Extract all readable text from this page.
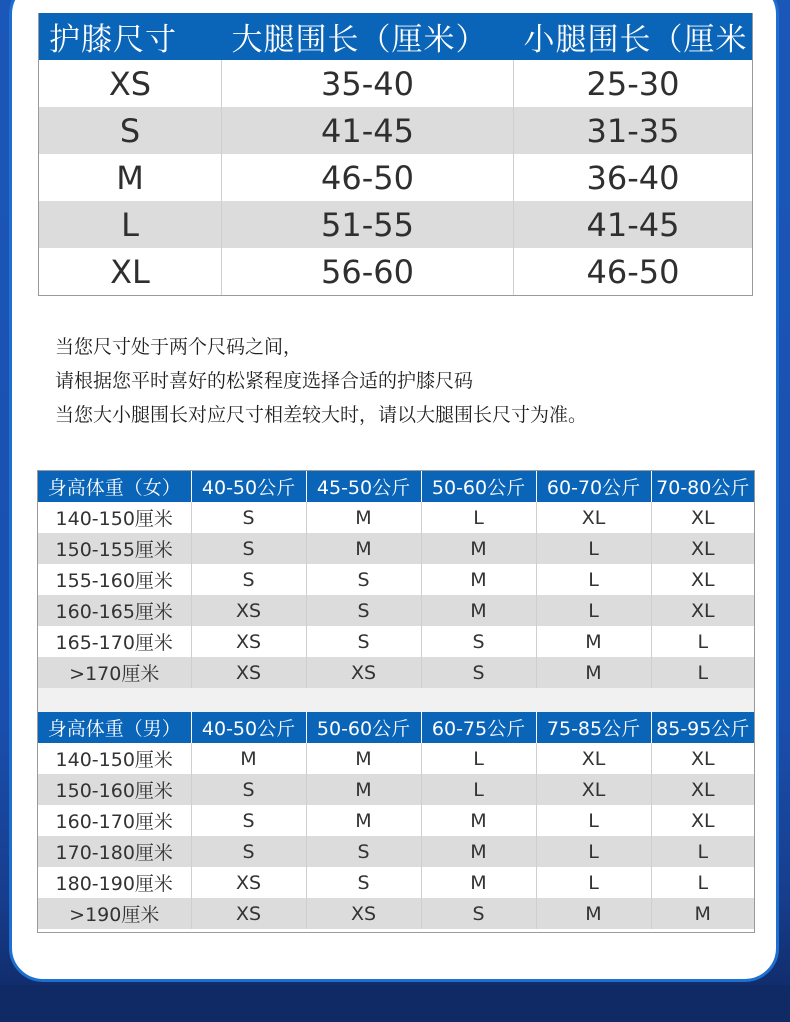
护膝尺寸	大腿围长（厘米）	小腿围长（厘米
XS	35-40	25-30
S	41-45	31-35
M	46-50	36-40
L	51-55	41-45
XL	56-60	46-50
当您尺寸处于两个尺码之间，
请根据您平时喜好的松紧程度选择合适的护膝尺码
当您大小腿围长对应尺寸相差较大时，请以大腿围长尺寸为准。
身高体重（女）	40-50公斤	45-50公斤	50-60公斤	60-70公斤	70-80公斤
140-150厘米	S	M	L	XL	XL
150-155厘米	S	M	M	L	XL
155-160厘米	S	S	M	L	XL
160-165厘米	XS	S	M	L	XL
165-170厘米	XS	S	S	M	L
>170厘米	XS	XS	S	M	L
身高体重（男）	40-50公斤	50-60公斤	60-75公斤	75-85公斤	85-95公斤
140-150厘米	M	M	L	XL	XL
150-160厘米	S	M	L	XL	XL
160-170厘米	S	M	M	L	XL
170-180厘米	S	S	M	L	L
180-190厘米	XS	S	M	L	L
>190厘米	XS	XS	S	M	M
